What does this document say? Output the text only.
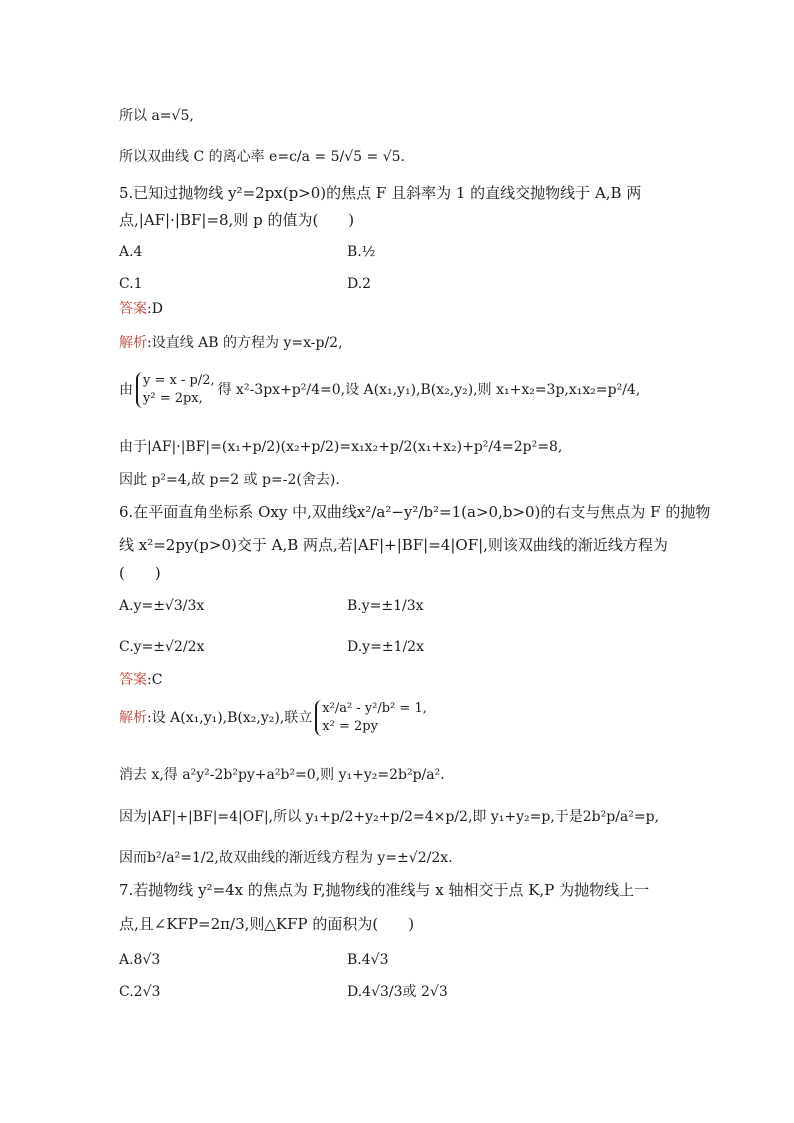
所以 a=√5,
所以双曲线 C 的离心率 e=c/a = 5/√5 = √5.
5.已知过抛物线 y²=2px(p>0)的焦点 F 且斜率为 1 的直线交抛物线于 A,B 两
点,|AF|·|BF|=8,则 p 的值为(　　)
A.4	B.½
C.1	D.2
答案:D
解析:设直线 AB 的方程为 y=x-p/2,
由
y = x - p/2,
y² = 2px,
得 x²-3px+p²/4=0,设 A(x₁,y₁),B(x₂,y₂),则 x₁+x₂=3p,x₁x₂=p²/4,
由于|AF|·|BF|=(x₁+p/2)(x₂+p/2)=x₁x₂+p/2(x₁+x₂)+p²/4=2p²=8,
因此 p²=4,故 p=2 或 p=-2(舍去).
6.在平面直角坐标系 Oxy 中,双曲线x²/a²−y²/b²=1(a>0,b>0)的右支与焦点为 F 的抛物
线 x²=2py(p>0)交于 A,B 两点,若|AF|+|BF|=4|OF|,则该双曲线的渐近线方程为
(　　)
A.y=±√3/3x	B.y=±1/3x
C.y=±√2/2x	D.y=±1/2x
答案:C
解析:设 A(x₁,y₁),B(x₂,y₂),联立
x²/a² - y²/b² = 1,
x² = 2py
消去 x,得 a²y²-2b²py+a²b²=0,则 y₁+y₂=2b²p/a².
因为|AF|+|BF|=4|OF|,所以 y₁+p/2+y₂+p/2=4×p/2,即 y₁+y₂=p,于是2b²p/a²=p,
因而b²/a²=1/2,故双曲线的渐近线方程为 y=±√2/2x.
7.若抛物线 y²=4x 的焦点为 F,抛物线的准线与 x 轴相交于点 K,P 为抛物线上一
点,且∠KFP=2π/3,则△KFP 的面积为(　　)
A.8√3	B.4√3
C.2√3	D.4√3/3或 2√3
